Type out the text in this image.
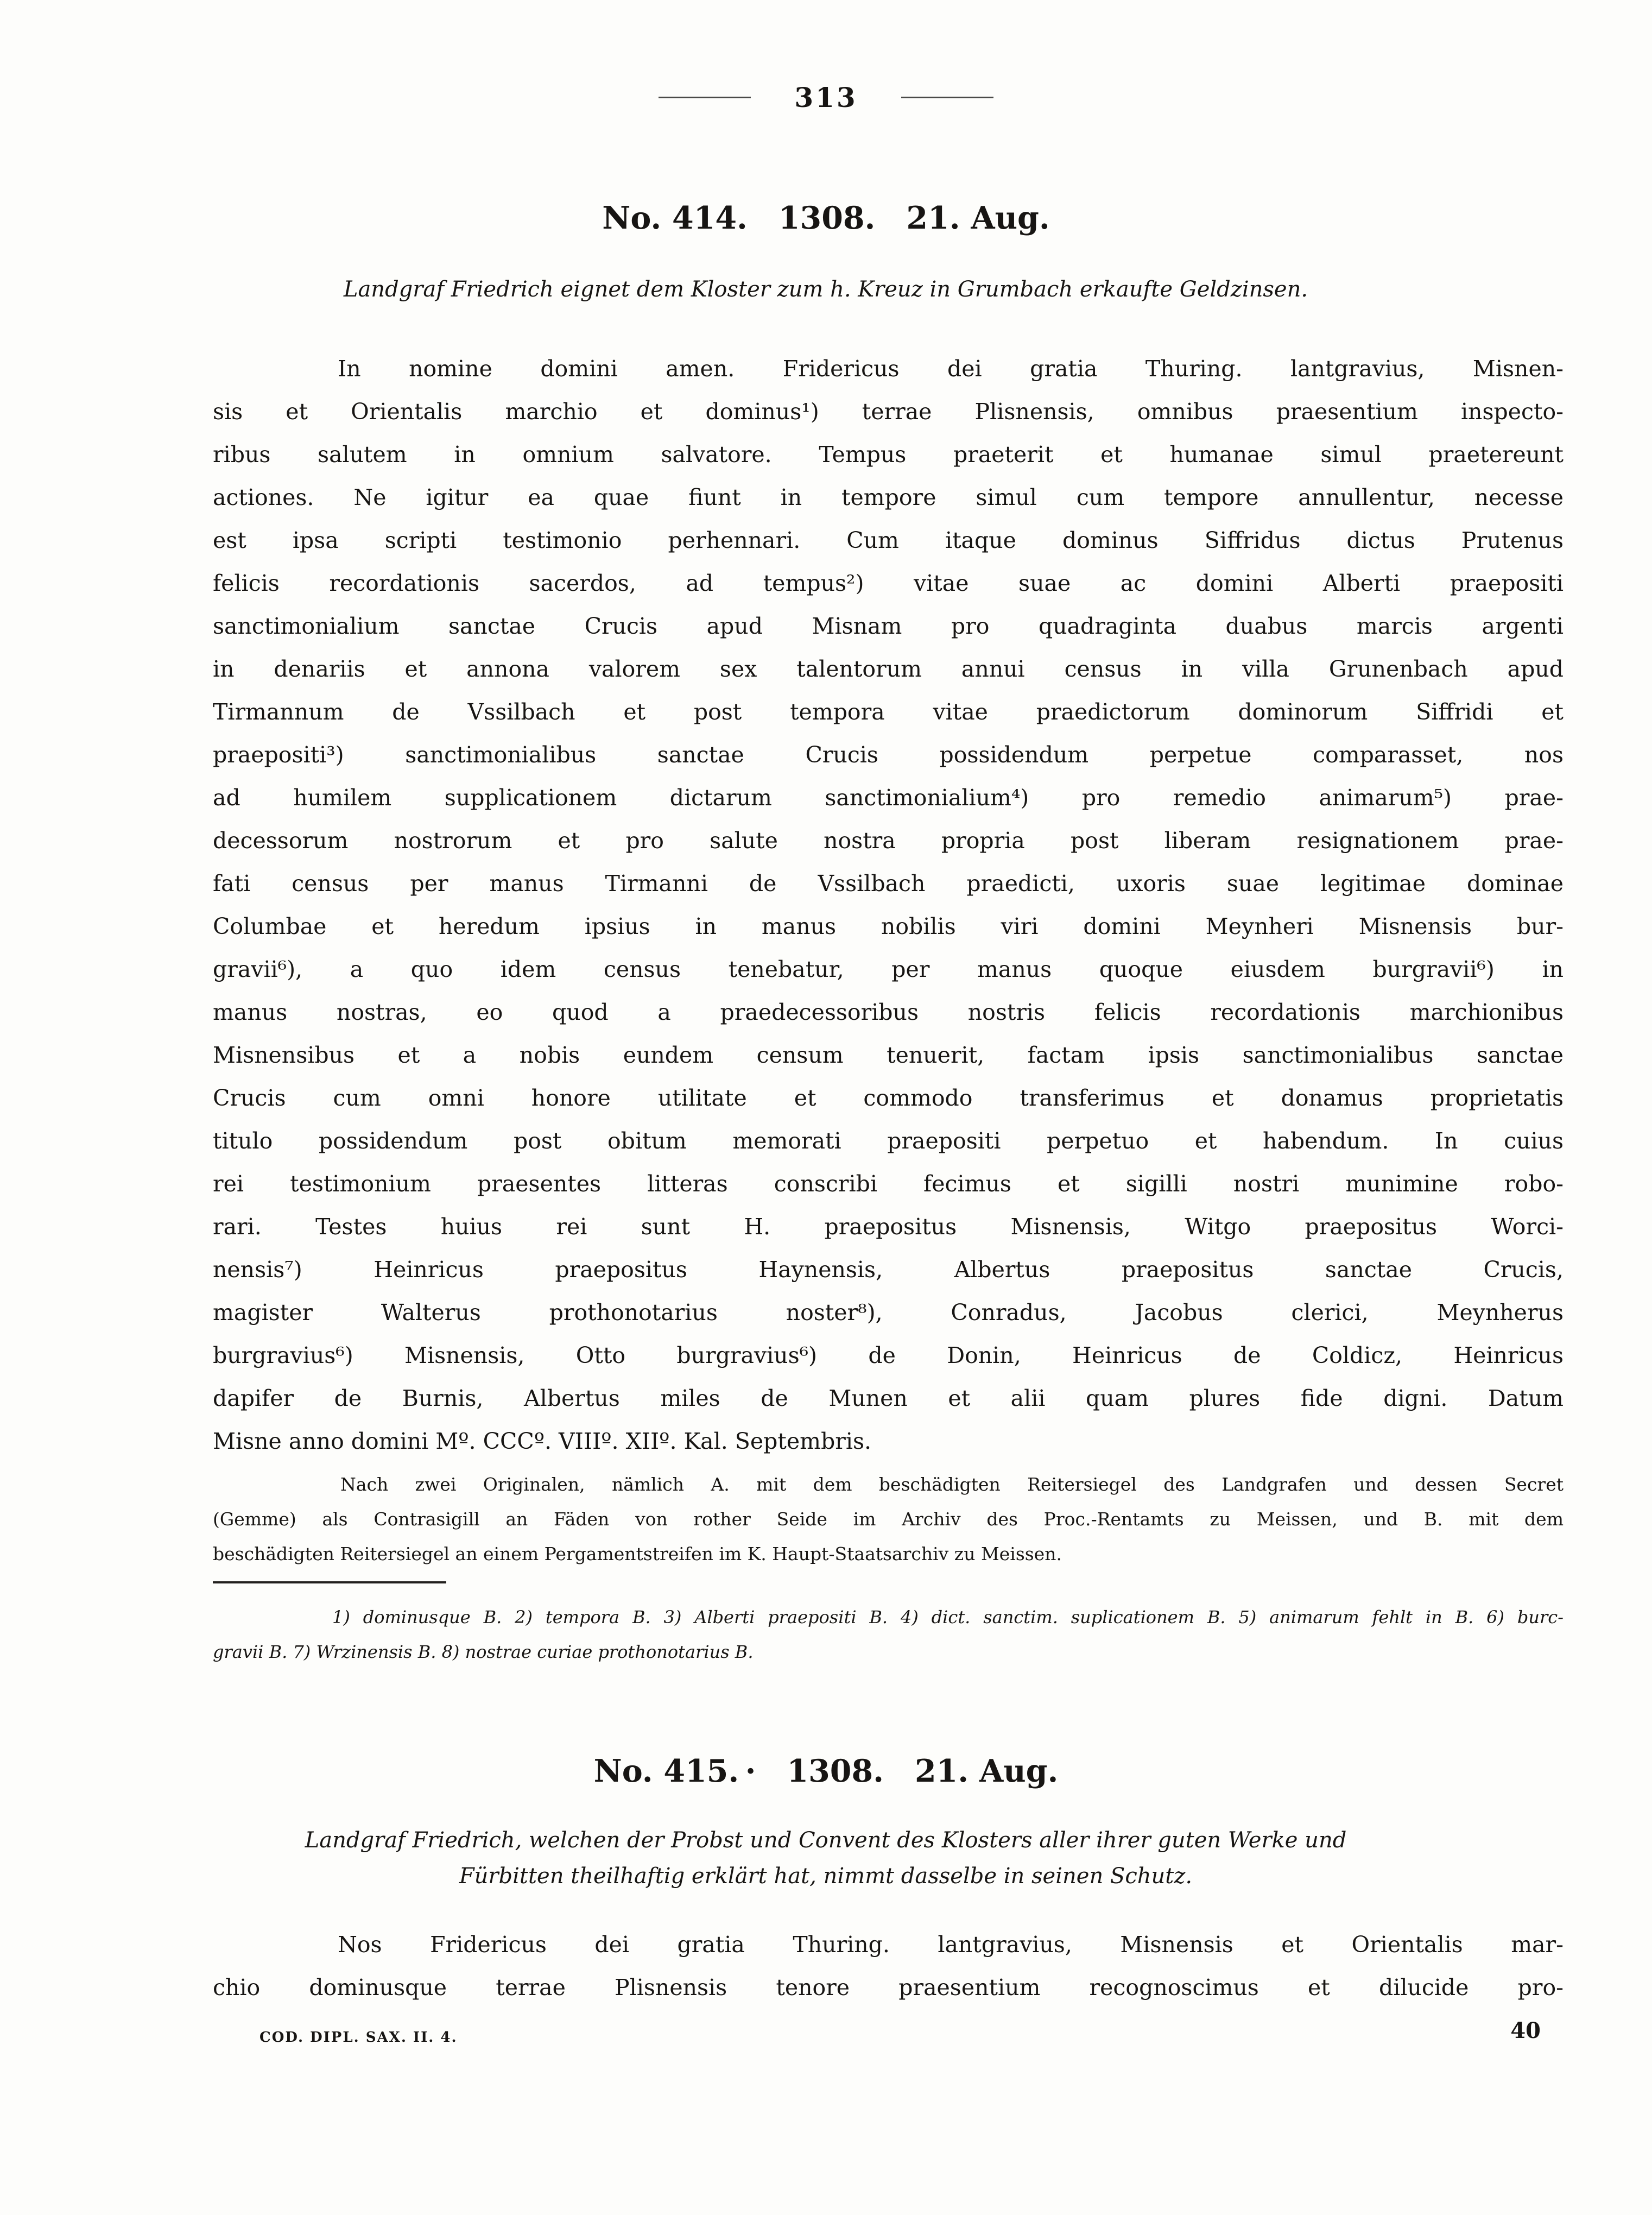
313
No. 414. 1308. 21. Aug.
Landgraf Friedrich eignet dem Kloster zum h. Kreuz in Grumbach erkaufte Geldzinsen.
In nomine domini amen. Fridericus dei gratia Thuring. lantgravius, Misnen-
sis et Orientalis marchio et dominus¹) terrae Plisnensis, omnibus praesentium inspecto-
ribus salutem in omnium salvatore. Tempus praeterit et humanae simul praetereunt
actiones. Ne igitur ea quae fiunt in tempore simul cum tempore annullentur, necesse
est ipsa scripti testimonio perhennari. Cum itaque dominus Siffridus dictus Prutenus
felicis recordationis sacerdos, ad tempus²) vitae suae ac domini Alberti praepositi
sanctimonialium sanctae Crucis apud Misnam pro quadraginta duabus marcis argenti
in denariis et annona valorem sex talentorum annui census in villa Grunenbach apud
Tirmannum de Vssilbach et post tempora vitae praedictorum dominorum Siffridi et
praepositi³) sanctimonialibus sanctae Crucis possidendum perpetue comparasset, nos
ad humilem supplicationem dictarum sanctimonialium⁴) pro remedio animarum⁵) prae-
decessorum nostrorum et pro salute nostra propria post liberam resignationem prae-
fati census per manus Tirmanni de Vssilbach praedicti, uxoris suae legitimae dominae
Columbae et heredum ipsius in manus nobilis viri domini Meynheri Misnensis bur-
gravii⁶), a quo idem census tenebatur, per manus quoque eiusdem burgravii⁶) in
manus nostras, eo quod a praedecessoribus nostris felicis recordationis marchionibus
Misnensibus et a nobis eundem censum tenuerit, factam ipsis sanctimonialibus sanctae
Crucis cum omni honore utilitate et commodo transferimus et donamus proprietatis
titulo possidendum post obitum memorati praepositi perpetuo et habendum. In cuius
rei testimonium praesentes litteras conscribi fecimus et sigilli nostri munimine robo-
rari. Testes huius rei sunt H. praepositus Misnensis, Witgo praepositus Worci-
nensis⁷) Heinricus praepositus Haynensis, Albertus praepositus sanctae Crucis,
magister Walterus prothonotarius noster⁸), Conradus, Jacobus clerici, Meynherus
burgravius⁶) Misnensis, Otto burgravius⁶) de Donin, Heinricus de Coldicz, Heinricus
dapifer de Burnis, Albertus miles de Munen et alii quam plures fide digni. Datum
Misne anno domini Mº. CCCº. VIIIº. XIIº. Kal. Septembris.
Nach zwei Originalen, nämlich A. mit dem beschädigten Reitersiegel des Landgrafen und dessen Secret
(Gemme) als Contrasigill an Fäden von rother Seide im Archiv des Proc.-Rentamts zu Meissen, und B. mit dem
beschädigten Reitersiegel an einem Pergamentstreifen im K. Haupt-Staatsarchiv zu Meissen.
1) dominusque B. 2) tempora B. 3) Alberti praepositi B. 4) dict. sanctim. suplicationem B. 5) animarum fehlt in B. 6) burc-
gravii B. 7) Wrzinensis B. 8) nostrae curiae prothonotarius B.
No. 415. · 1308. 21. Aug.
Landgraf Friedrich, welchen der Probst und Convent des Klosters aller ihrer guten Werke und
Fürbitten theilhaftig erklärt hat, nimmt dasselbe in seinen Schutz.
Nos Fridericus dei gratia Thuring. lantgravius, Misnensis et Orientalis mar-
chio dominusque terrae Plisnensis tenore praesentium recognoscimus et dilucide pro-
COD. DIPL. SAX. II. 4.	40
